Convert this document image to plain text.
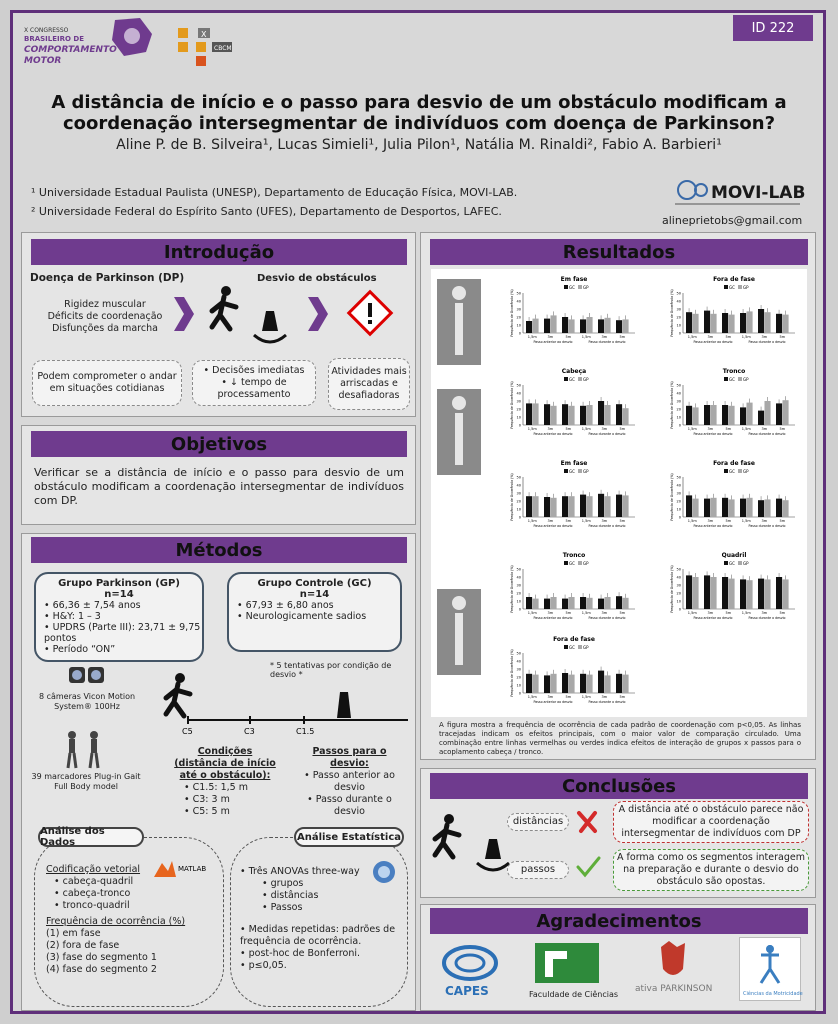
X CONGRESSO
BRASILEIRO DE
COMPORTAMENTO
MOTOR
X
CBCM
ID 222
A distância de início e o passo para desvio de um obstáculo modificam a
coordenação intersegmentar de indivíduos com doença de Parkinson?
Aline P. de B. Silveira¹, Lucas Simieli¹, Julia Pilon¹, Natália M. Rinaldi², Fabio A. Barbieri¹
¹ Universidade Estadual Paulista (UNESP), Departamento de Educação Física, MOVI-LAB.
² Universidade Federal do Espírito Santo (UFES), Departamento de Desportos, LAFEC.
MOVI-LAB
alineprietobs@gmail.com
Introdução
Doença de Parkinson (DP)
Rigidez muscular
Déficits de coordenação
Disfunções da marcha
Desvio de obstáculos
Podem comprometer o andar em situações cotidianas
• Decisões imediatas
• ↓ tempo de processamento
Atividades mais arriscadas e desafiadoras
Objetivos
Verificar se a distância de início e o passo para desvio de um obstáculo modificam a coordenação intersegmentar de indivíduos com DP.
Métodos
Grupo Parkinson (GP)
n=14
• 66,36 ± 7,54 anos
• H&Y: 1 – 3
• UPDRS (Parte III): 23,71 ± 9,75 pontos
• Período “ON”
Grupo Controle (GC)
n=14
• 67,93 ± 6,80 anos
• Neurologicamente sadios
8 câmeras Vicon Motion System® 100Hz
39 marcadores Plug-in Gait Full Body model
* 5 tentativas por condição de desvio *
C5	C3	C1.5
Condições (distância de início até o obstáculo):
• C1.5: 1,5 m
• C3: 3 m
• C5: 5 m
Passos para o desvio:
• Passo anterior ao desvio
• Passo durante o desvio
Análise dos Dados
MATLAB
Codificação vetorial
• cabeça-quadril
• cabeça-tronco
• tronco-quadril
Frequência de ocorrência (%)
(1) em fase
(2) fora de fase
(3) fase do segmento 1
(4) fase do segmento 2
Análise Estatística
• Três ANOVAs three-way
• grupos
• distâncias
• Passos
• Medidas repetidas: padrões de frequência de ocorrência.
• post-hoc de Bonferroni.
• p≤0,05.
Resultados
Em fase
GC GP
0
10
20
30
40
50
Frequência de Ocorrência (%)
1,5m	3m	5m	1,5m	3m	5m
Passo anterior ao desvio	Passo durante o desvio
Fora de fase
GC GP
0
10
20
30
40
50
Frequência de Ocorrência (%)
1,5m	3m	5m	1,5m	3m	5m
Passo anterior ao desvio	Passo durante o desvio
Cabeça
GC GP
0
10
20
30
40
50
Frequência de Ocorrência (%)
1,5m	3m	5m	1,5m	3m	5m
Passo anterior ao desvio	Passo durante o desvio
Tronco
GC GP
0
10
20
30
40
50
Frequência de Ocorrência (%)
1,5m	3m	5m	1,5m	3m	5m
Passo anterior ao desvio	Passo durante o desvio
Em fase
GC GP
0
10
20
30
40
50
Frequência de Ocorrência (%)
1,5m	3m	5m	1,5m	3m	5m
Passo anterior ao desvio	Passo durante o desvio
Fora de fase
GC GP
0
10
20
30
40
50
Frequência de Ocorrência (%)
1,5m	3m	5m	1,5m	3m	5m
Passo anterior ao desvio	Passo durante o desvio
Tronco
GC GP
0
10
20
30
40
50
Frequência de Ocorrência (%)
1,5m	3m	5m	1,5m	3m	5m
Passo anterior ao desvio	Passo durante o desvio
Quadril
GC GP
0
10
20
30
40
50
Frequência de Ocorrência (%)
1,5m	3m	5m	1,5m	3m	5m
Passo anterior ao desvio	Passo durante o desvio
Fora de fase
GC GP
0
10
20
30
40
50
Frequência de Ocorrência (%)
1,5m	3m	5m	1,5m	3m	5m
Passo anterior ao desvio	Passo durante o desvio
A figura mostra a frequência de ocorrência de cada padrão de coordenação com p<0,05. As linhas tracejadas indicam os efeitos principais, com o maior valor de comparação circulado. Uma combinação entre linhas vermelhas ou verdes indica efeitos de interação de grupos x passos para o acoplamento cabeça / tronco.
Conclusões
distâncias
A distância até o obstáculo parece não modificar a coordenação intersegmentar de indivíduos com DP
passos
A forma como os segmentos interagem na preparação e durante o desvio do obstáculo são opostas.
Agradecimentos
CAPES	Faculdade de Ciências
ativa PARKINSON	Ciências da Motricidade
